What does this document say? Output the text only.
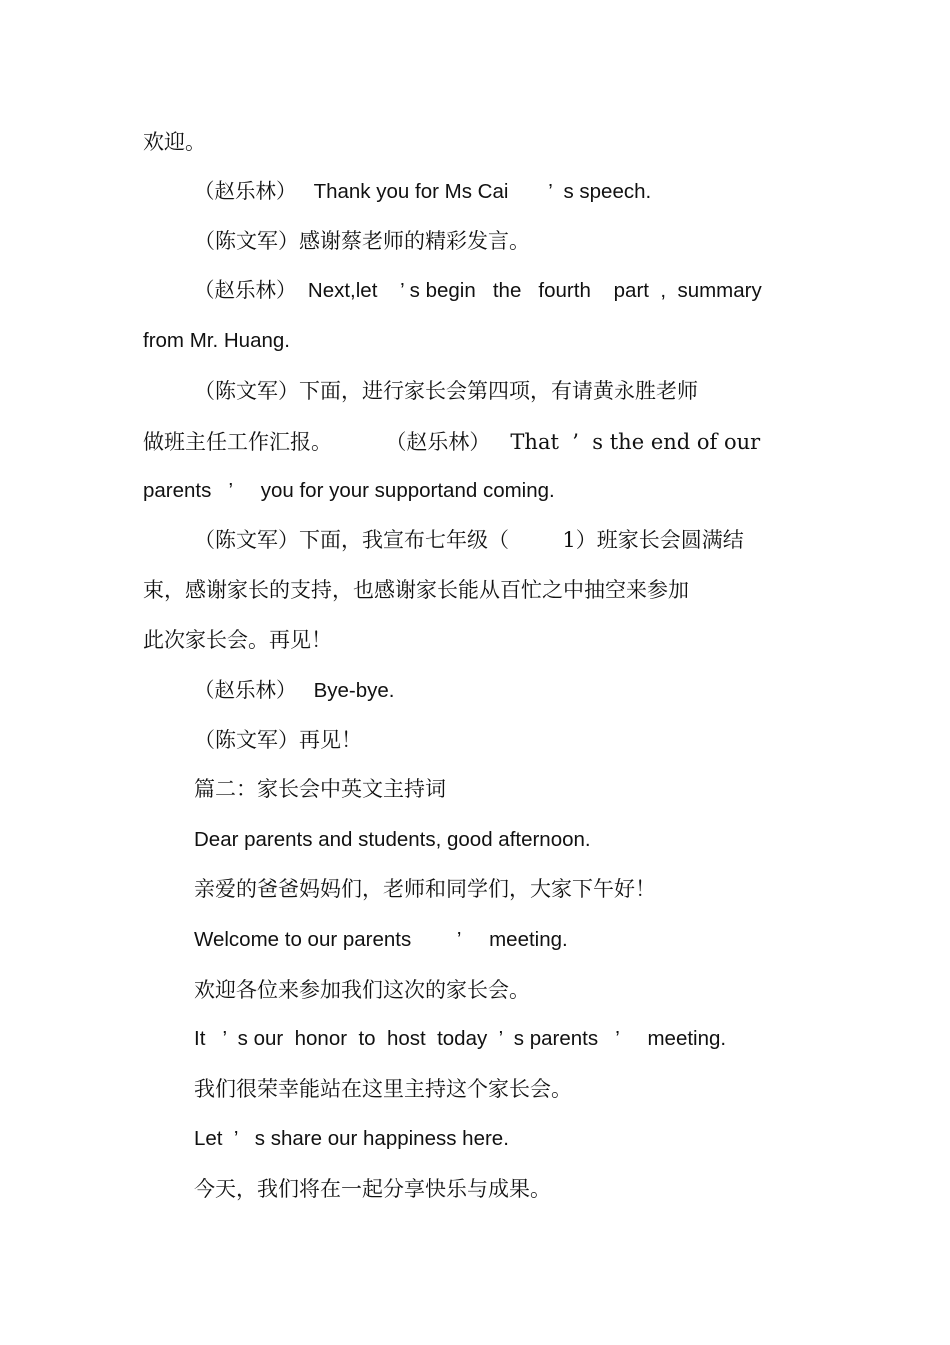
欢迎。
（赵乐林）   Thank you for Ms Cai       ’  s speech.
（陈文军）感谢蔡老师的精彩发言。
（赵乐林）  Next,let    ’ s begin   the   fourth    part  ,  summary
from Mr. Huang.
（陈文军）下面，进行家长会第四项，有请黄永胜老师
做班主任工作汇报。        （赵乐林）   That  ’  s the end of our
parents   ’     you for your supportand coming.
（陈文军）下面，我宣布七年级（        1）班家长会圆满结
束，感谢家长的支持，也感谢家长能从百忙之中抽空来参加
此次家长会。再见！
（赵乐林）   Bye-bye.
（陈文军）再见！
篇二：家长会中英文主持词
Dear parents and students, good afternoon.
亲爱的爸爸妈妈们，老师和同学们，大家下午好！
Welcome to our parents        ’     meeting.
欢迎各位来参加我们这次的家长会。
It   ’  s our  honor  to  host  today  ’  s parents   ’     meeting.
我们很荣幸能站在这里主持这个家长会。
Let  ’   s share our happiness here.
今天，我们将在一起分享快乐与成果。
